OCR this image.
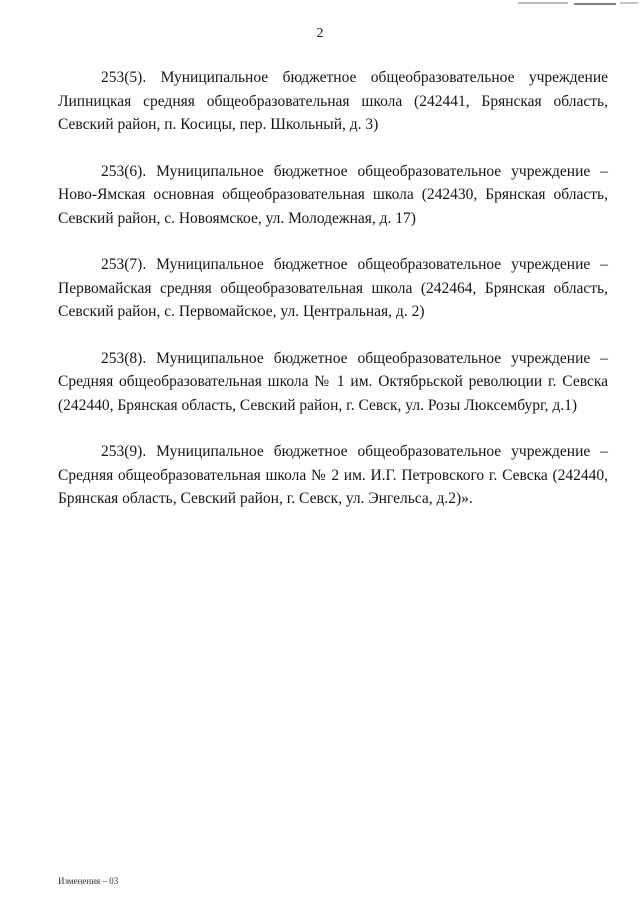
2

253(5). Муниципальное бюджетное общеобразовательное учреждение Липницкая средняя общеобразовательная школа (242441, Брянская область, Севский район, п. Косицы, пер. Школьный, д. 3)

253(6). Муниципальное бюджетное общеобразовательное учреждение – Ново-Ямская основная общеобразовательная школа (242430, Брянская область, Севский район, с. Новоямское, ул. Молодежная, д. 17)

253(7). Муниципальное бюджетное общеобразовательное учреждение – Первомайская средняя общеобразовательная школа (242464, Брянская область, Севский район, с. Первомайское, ул. Центральная, д. 2)

253(8). Муниципальное бюджетное общеобразовательное учреждение – Средняя общеобразовательная школа № 1 им. Октябрьской революции г. Севска (242440, Брянская область, Севский район, г. Севск, ул. Розы Люксембург, д.1)

253(9). Муниципальное бюджетное общеобразовательное учреждение – Средняя общеобразовательная школа № 2 им. И.Г. Петровского г. Севска (242440, Брянская область, Севский район, г. Севск, ул. Энгельса, д.2)».

Изменения – 03
